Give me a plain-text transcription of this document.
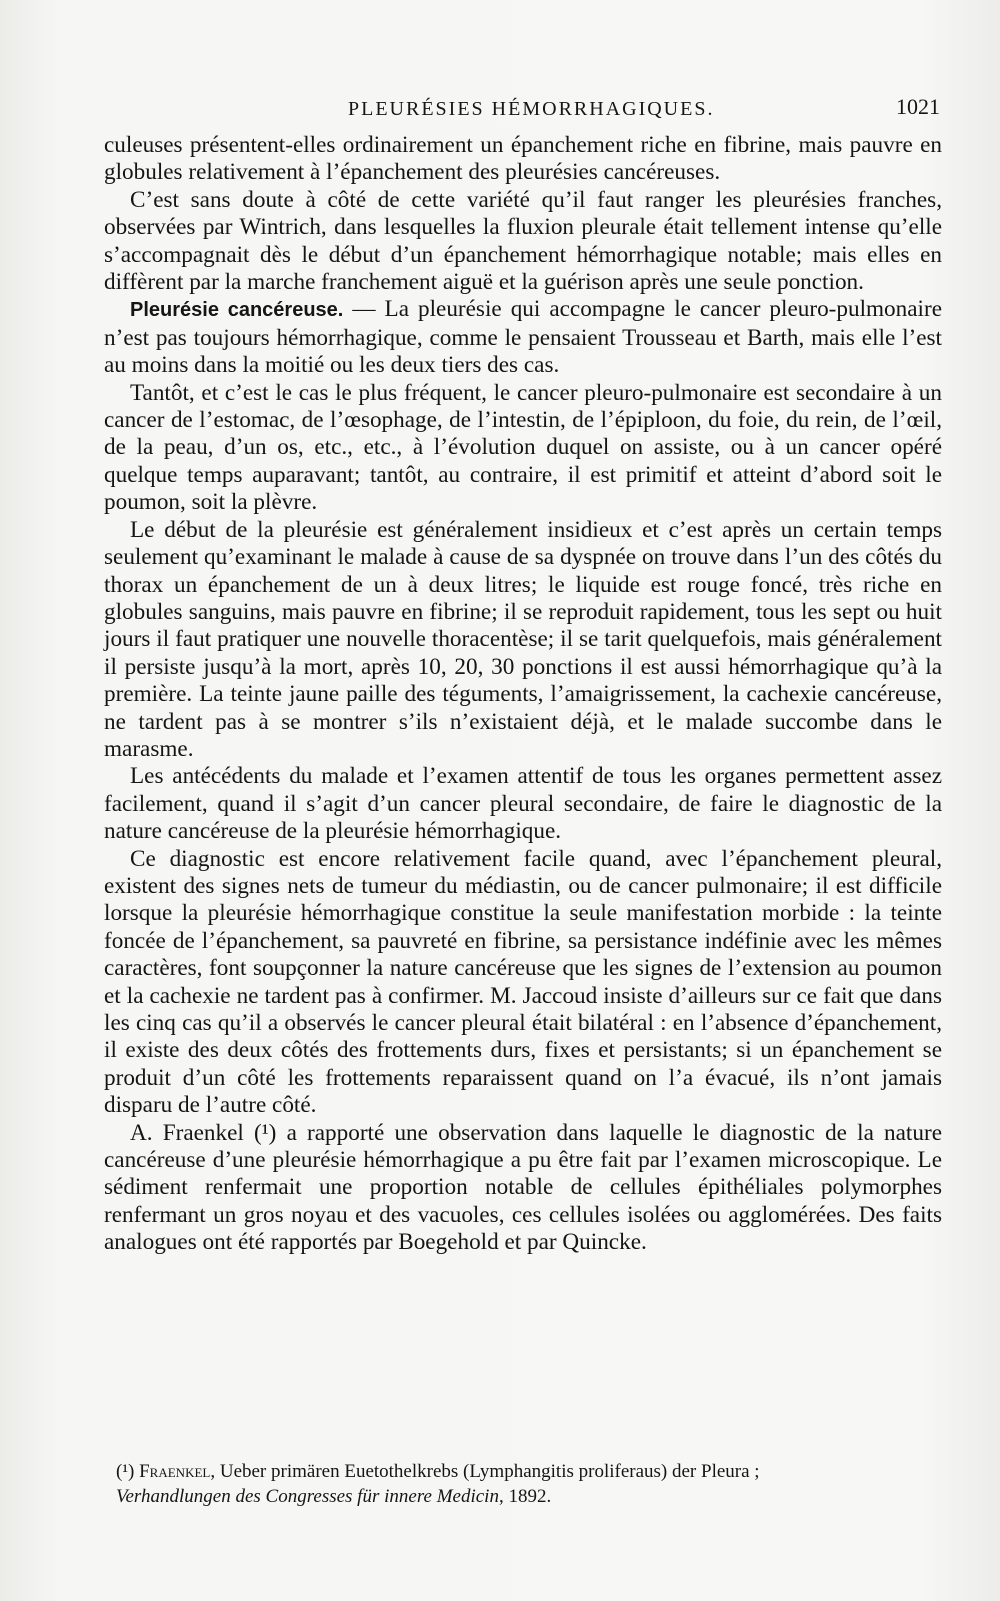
PLEURÉSIES HÉMORRHAGIQUES.	1021

culeuses présentent-elles ordinairement un épanchement riche en fibrine, mais pauvre en globules relativement à l’épanchement des pleurésies cancéreuses.

C’est sans doute à côté de cette variété qu’il faut ranger les pleurésies franches, observées par Wintrich, dans lesquelles la fluxion pleurale était tellement intense qu’elle s’accompagnait dès le début d’un épanchement hémorrhagique notable; mais elles en diffèrent par la marche franchement aiguë et la guérison après une seule ponction.

Pleurésie cancéreuse. — La pleurésie qui accompagne le cancer pleuro-pulmonaire n’est pas toujours hémorrhagique, comme le pensaient Trousseau et Barth, mais elle l’est au moins dans la moitié ou les deux tiers des cas.

Tantôt, et c’est le cas le plus fréquent, le cancer pleuro-pulmonaire est secondaire à un cancer de l’estomac, de l’œsophage, de l’intestin, de l’épiploon, du foie, du rein, de l’œil, de la peau, d’un os, etc., etc., à l’évolution duquel on assiste, ou à un cancer opéré quelque temps auparavant; tantôt, au contraire, il est primitif et atteint d’abord soit le poumon, soit la plèvre.

Le début de la pleurésie est généralement insidieux et c’est après un certain temps seulement qu’examinant le malade à cause de sa dyspnée on trouve dans l’un des côtés du thorax un épanchement de un à deux litres; le liquide est rouge foncé, très riche en globules sanguins, mais pauvre en fibrine; il se reproduit rapidement, tous les sept ou huit jours il faut pratiquer une nouvelle thoracentèse; il se tarit quelquefois, mais généralement il persiste jusqu’à la mort, après 10, 20, 30 ponctions il est aussi hémorrhagique qu’à la première. La teinte jaune paille des téguments, l’amaigrissement, la cachexie cancéreuse, ne tardent pas à se montrer s’ils n’existaient déjà, et le malade succombe dans le marasme.

Les antécédents du malade et l’examen attentif de tous les organes permettent assez facilement, quand il s’agit d’un cancer pleural secondaire, de faire le diagnostic de la nature cancéreuse de la pleurésie hémorrhagique.

Ce diagnostic est encore relativement facile quand, avec l’épanchement pleural, existent des signes nets de tumeur du médiastin, ou de cancer pulmonaire; il est difficile lorsque la pleurésie hémorrhagique constitue la seule manifestation morbide : la teinte foncée de l’épanchement, sa pauvreté en fibrine, sa persistance indéfinie avec les mêmes caractères, font soupçonner la nature cancéreuse que les signes de l’extension au poumon et la cachexie ne tardent pas à confirmer. M. Jaccoud insiste d’ailleurs sur ce fait que dans les cinq cas qu’il a observés le cancer pleural était bilatéral : en l’absence d’épanchement, il existe des deux côtés des frottements durs, fixes et persistants; si un épanchement se produit d’un côté les frottements reparaissent quand on l’a évacué, ils n’ont jamais disparu de l’autre côté.

A. Fraenkel (¹) a rapporté une observation dans laquelle le diagnostic de la nature cancéreuse d’une pleurésie hémorrhagique a pu être fait par l’examen microscopique. Le sédiment renfermait une proportion notable de cellules épithéliales polymorphes renfermant un gros noyau et des vacuoles, ces cellules isolées ou agglomérées. Des faits analogues ont été rapportés par Boegehold et par Quincke.

(¹) Fraenkel, Ueber primären Euetothelkrebs (Lymphangitis proliferaus) der Pleura ;
Verhandlungen des Congresses für innere Medicin, 1892.
